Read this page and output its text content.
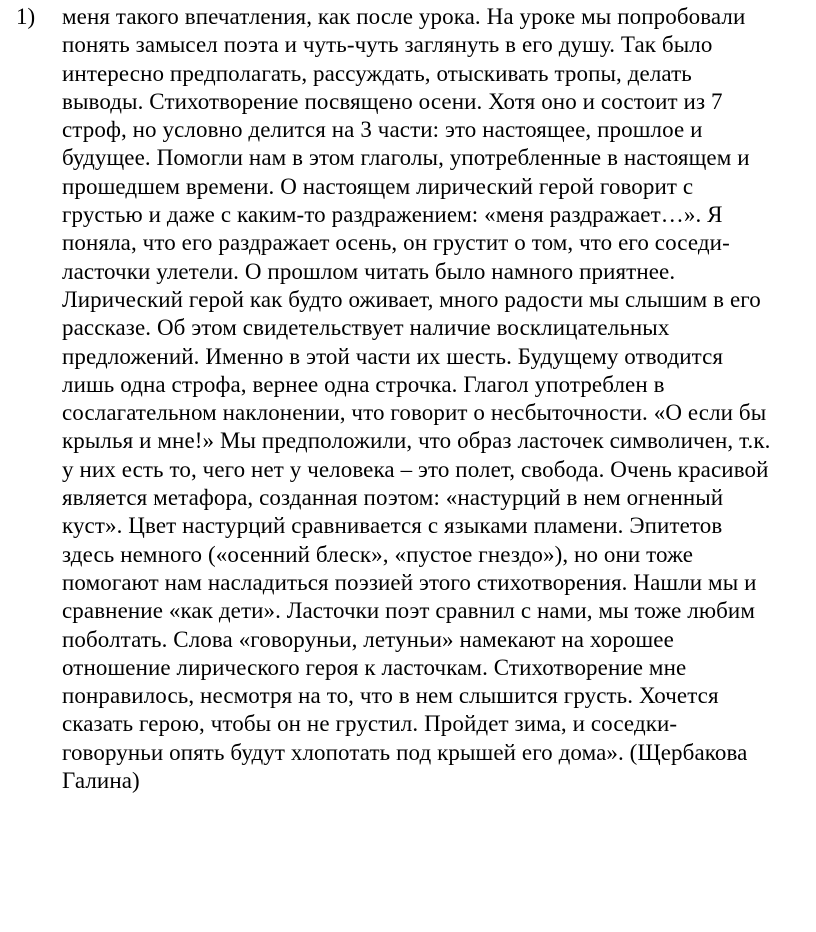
1) меня такого впечатления, как после урока. На уроке мы попробовали
понять замысел поэта и чуть-чуть заглянуть в его душу. Так было
интересно предполагать, рассуждать, отыскивать тропы, делать
выводы. Стихотворение посвящено осени. Хотя оно и состоит из 7
строф, но условно делится на 3 части: это настоящее, прошлое и
будущее. Помогли нам в этом глаголы, употребленные в настоящем и
прошедшем времени. О настоящем лирический герой говорит с
грустью и даже с каким-то раздражением: «меня раздражает…». Я
поняла, что его раздражает осень, он грустит о том, что его соседи-
ласточки улетели. О прошлом читать было намного приятнее.
Лирический герой как будто оживает, много радости мы слышим в его
рассказе. Об этом свидетельствует наличие восклицательных
предложений. Именно в этой части их шесть. Будущему отводится
лишь одна строфа, вернее одна строчка. Глагол употреблен в
сослагательном наклонении, что говорит о несбыточности. «О если бы
крылья и мне!» Мы предположили, что образ ласточек символичен, т.к.
у них есть то, чего нет у человека – это полет, свобода. Очень красивой
является метафора, созданная поэтом: «настурций в нем огненный
куст». Цвет настурций сравнивается с языками пламени. Эпитетов
здесь немного («осенний блеск», «пустое гнездо»), но они тоже
помогают нам насладиться поэзией этого стихотворения. Нашли мы и
сравнение «как дети». Ласточки поэт сравнил с нами, мы тоже любим
поболтать. Слова «говоруньи, летуньи» намекают на хорошее
отношение лирического героя к ласточкам. Стихотворение мне
понравилось, несмотря на то, что в нем слышится грусть. Хочется
сказать герою, чтобы он не грустил. Пройдет зима, и соседки-
говоруньи опять будут хлопотать под крышей его дома». (Щербакова
Галина)
